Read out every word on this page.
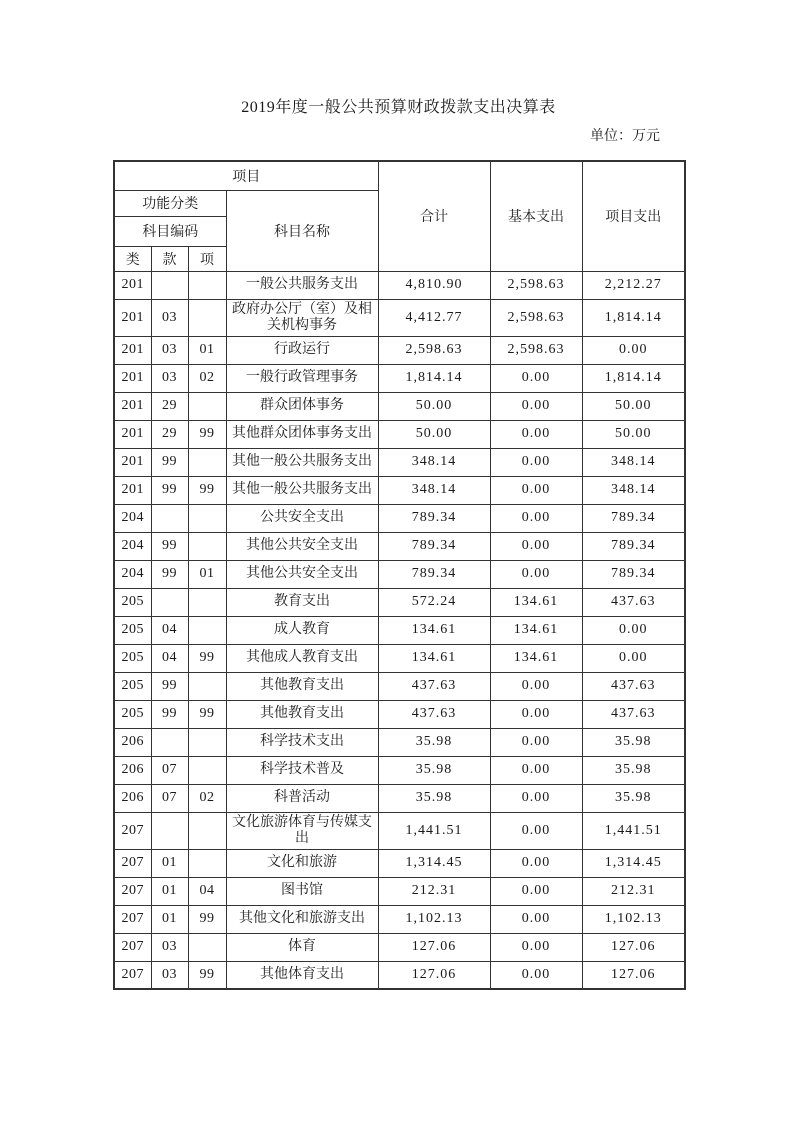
2019年度一般公共预算财政拨款支出决算表
单位：万元
项目				合计	基本支出	项目支出
功能分类			科目名称			
科目编码						
类	款	项				
201			一般公共服务支出	4,810.90	2,598.63	2,212.27
201	03		政府办公厅（室）及相关机构事务	4,412.77	2,598.63	1,814.14
201	03	01	行政运行	2,598.63	2,598.63	0.00
201	03	02	一般行政管理事务	1,814.14	0.00	1,814.14
201	29		群众团体事务	50.00	0.00	50.00
201	29	99	其他群众团体事务支出	50.00	0.00	50.00
201	99		其他一般公共服务支出	348.14	0.00	348.14
201	99	99	其他一般公共服务支出	348.14	0.00	348.14
204			公共安全支出	789.34	0.00	789.34
204	99		其他公共安全支出	789.34	0.00	789.34
204	99	01	其他公共安全支出	789.34	0.00	789.34
205			教育支出	572.24	134.61	437.63
205	04		成人教育	134.61	134.61	0.00
205	04	99	其他成人教育支出	134.61	134.61	0.00
205	99		其他教育支出	437.63	0.00	437.63
205	99	99	其他教育支出	437.63	0.00	437.63
206			科学技术支出	35.98	0.00	35.98
206	07		科学技术普及	35.98	0.00	35.98
206	07	02	科普活动	35.98	0.00	35.98
207			文化旅游体育与传媒支出	1,441.51	0.00	1,441.51
207	01		文化和旅游	1,314.45	0.00	1,314.45
207	01	04	图书馆	212.31	0.00	212.31
207	01	99	其他文化和旅游支出	1,102.13	0.00	1,102.13
207	03		体育	127.06	0.00	127.06
207	03	99	其他体育支出	127.06	0.00	127.06
